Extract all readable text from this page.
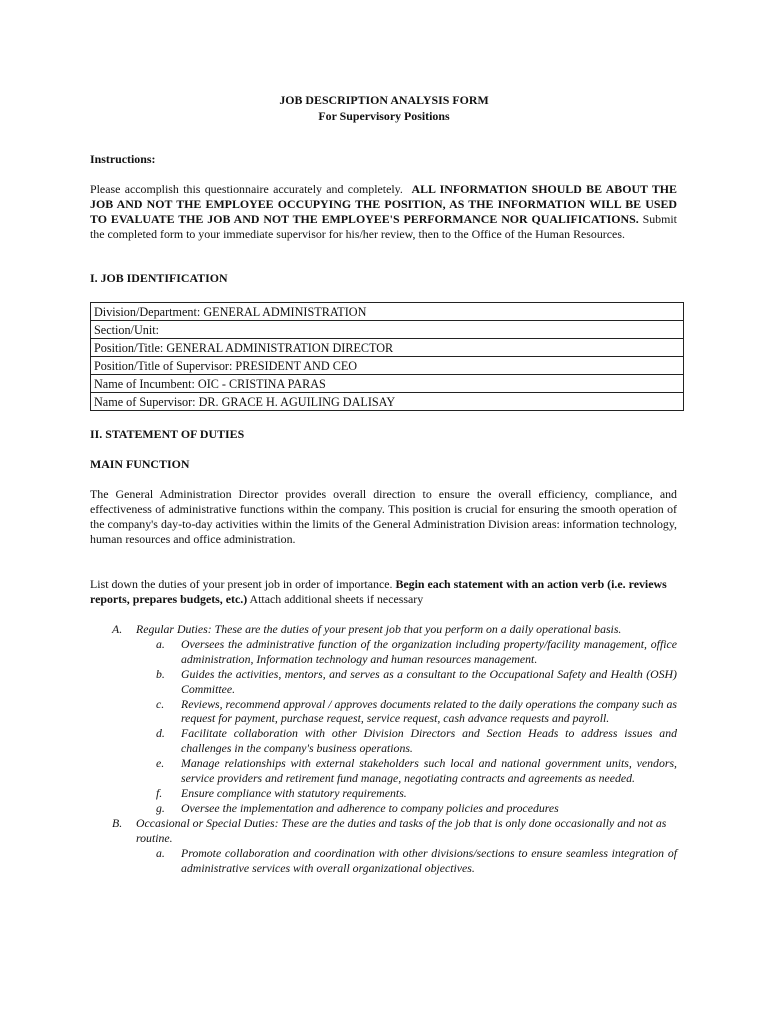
JOB DESCRIPTION ANALYSIS FORM
For Supervisory Positions
Instructions:
Please accomplish this questionnaire accurately and completely. ALL INFORMATION SHOULD BE ABOUT THE JOB AND NOT THE EMPLOYEE OCCUPYING THE POSITION, AS THE INFORMATION WILL BE USED TO EVALUATE THE JOB AND NOT THE EMPLOYEE'S PERFORMANCE NOR QUALIFICATIONS. Submit the completed form to your immediate supervisor for his/her review, then to the Office of the Human Resources.
I. JOB IDENTIFICATION
Division/Department: GENERAL ADMINISTRATION
Section/Unit:
Position/Title: GENERAL ADMINISTRATION DIRECTOR
Position/Title of Supervisor: PRESIDENT AND CEO
Name of Incumbent: OIC - CRISTINA PARAS
Name of Supervisor: DR. GRACE H. AGUILING DALISAY
II. STATEMENT OF DUTIES
MAIN FUNCTION
The General Administration Director provides overall direction to ensure the overall efficiency, compliance, and effectiveness of administrative functions within the company. This position is crucial for ensuring the smooth operation of the company's day-to-day activities within the limits of the General Administration Division areas: information technology, human resources and office administration.
List down the duties of your present job in order of importance. Begin each statement with an action verb (i.e. reviews reports, prepares budgets, etc.) Attach additional sheets if necessary
A.	Regular Duties: These are the duties of your present job that you perform on a daily operational basis.
a.	Oversees the administrative function of the organization including property/facility management, office administration, Information technology and human resources management.
b.	Guides the activities, mentors, and serves as a consultant to the Occupational Safety and Health (OSH) Committee.
c.	Reviews, recommend approval / approves documents related to the daily operations the company such as request for payment, purchase request, service request, cash advance requests and payroll.
d.	Facilitate collaboration with other Division Directors and Section Heads to address issues and challenges in the company's business operations.
e.	Manage relationships with external stakeholders such local and national government units, vendors, service providers and retirement fund manage, negotiating contracts and agreements as needed.
f.	Ensure compliance with statutory requirements.
g.	Oversee the implementation and adherence to company policies and procedures
B.	Occasional or Special Duties: These are the duties and tasks of the job that is only done occasionally and not as routine.
a.	Promote collaboration and coordination with other divisions/sections to ensure seamless integration of administrative services with overall organizational objectives.
